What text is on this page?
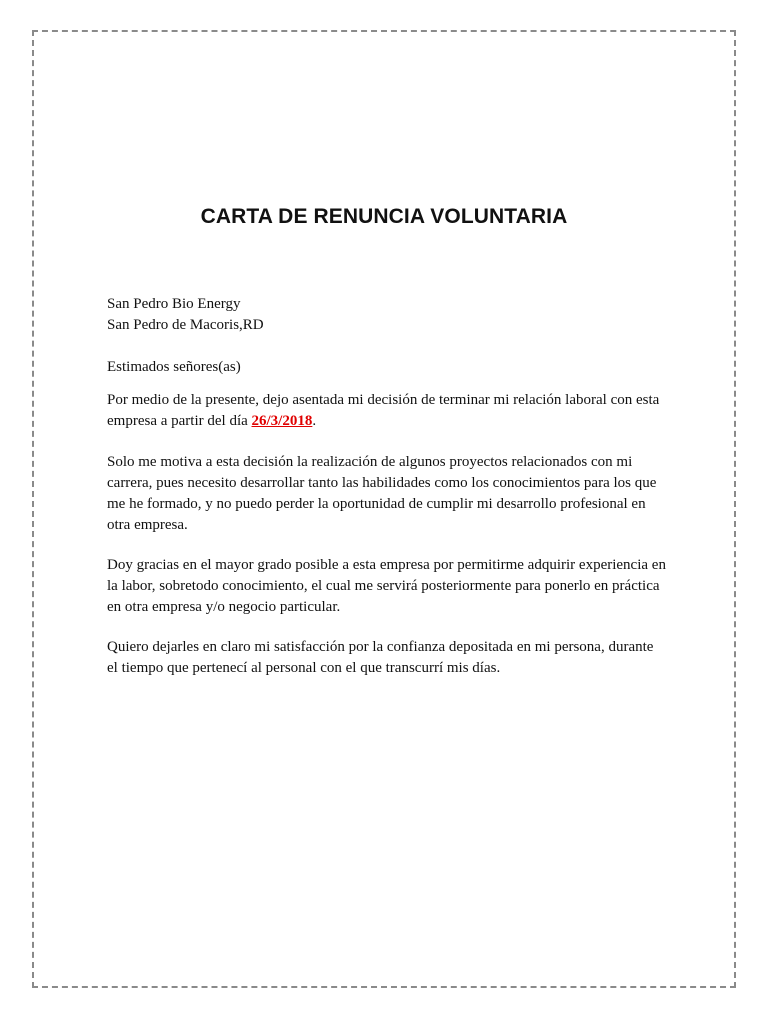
CARTA DE RENUNCIA VOLUNTARIA
San Pedro Bio Energy
San Pedro de Macoris,RD
Estimados señores(as)
Por medio de la presente, dejo asentada mi decisión de terminar mi relación laboral con esta empresa a partir del día 26/3/2018.
Solo me motiva a esta decisión la realización de algunos proyectos relacionados con mi carrera, pues necesito desarrollar tanto las habilidades como los conocimientos para los que me he formado, y no puedo perder la oportunidad de cumplir mi desarrollo profesional en otra empresa.
Doy gracias en el mayor grado posible a esta empresa por permitirme adquirir experiencia en la labor, sobretodo conocimiento, el cual me servirá posteriormente para ponerlo en práctica en otra empresa y/o negocio particular.
Quiero dejarles en claro mi satisfacción por la confianza depositada en mi persona, durante el tiempo que pertenecí al personal con el que transcurrí mis días.
